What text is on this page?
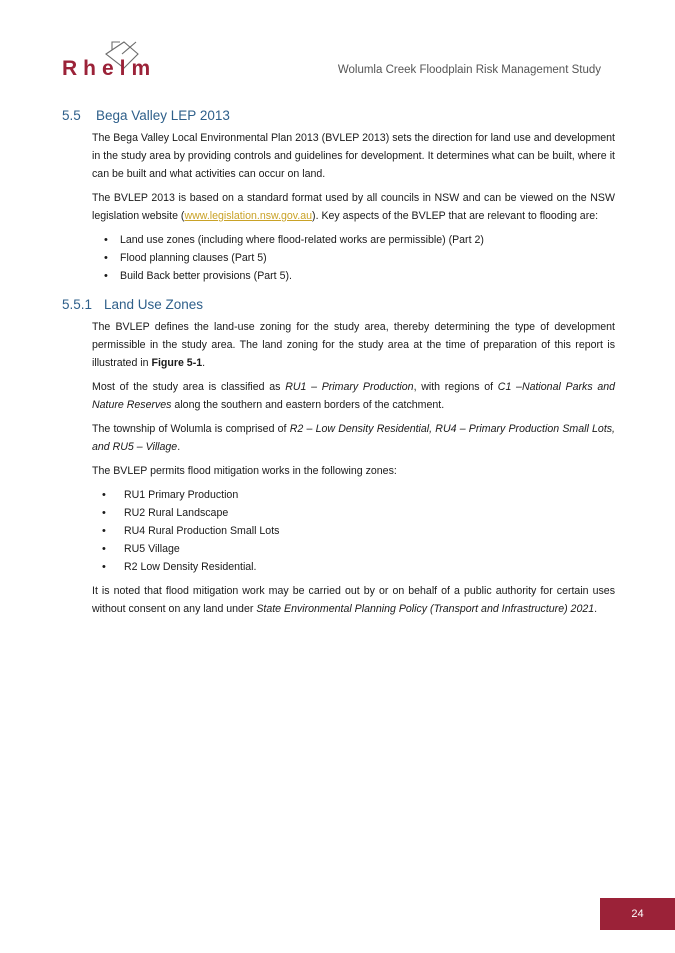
Rhelm	Wolumla Creek Floodplain Risk Management Study
5.5 Bega Valley LEP 2013

The Bega Valley Local Environmental Plan 2013 (BVLEP 2013) sets the direction for land use and development in the study area by providing controls and guidelines for development. It determines what can be built, where it can be built and what activities can occur on land.

The BVLEP 2013 is based on a standard format used by all councils in NSW and can be viewed on the NSW legislation website (www.legislation.nsw.gov.au). Key aspects of the BVLEP that are relevant to flooding are:

• Land use zones (including where flood-related works are permissible) (Part 2)
• Flood planning clauses (Part 5)
• Build Back better provisions (Part 5).
5.5.1 Land Use Zones

The BVLEP defines the land-use zoning for the study area, thereby determining the type of development permissible in the study area. The land zoning for the study area at the time of preparation of this report is illustrated in Figure 5-1.

Most of the study area is classified as RU1 – Primary Production, with regions of C1 –National Parks and Nature Reserves along the southern and eastern borders of the catchment.

The township of Wolumla is comprised of R2 – Low Density Residential, RU4 – Primary Production Small Lots, and RU5 – Village.

The BVLEP permits flood mitigation works in the following zones:

• RU1 Primary Production
• RU2 Rural Landscape
• RU4 Rural Production Small Lots
• RU5 Village
• R2 Low Density Residential.

It is noted that flood mitigation work may be carried out by or on behalf of a public authority for certain uses without consent on any land under State Environmental Planning Policy (Transport and Infrastructure) 2021.

24
